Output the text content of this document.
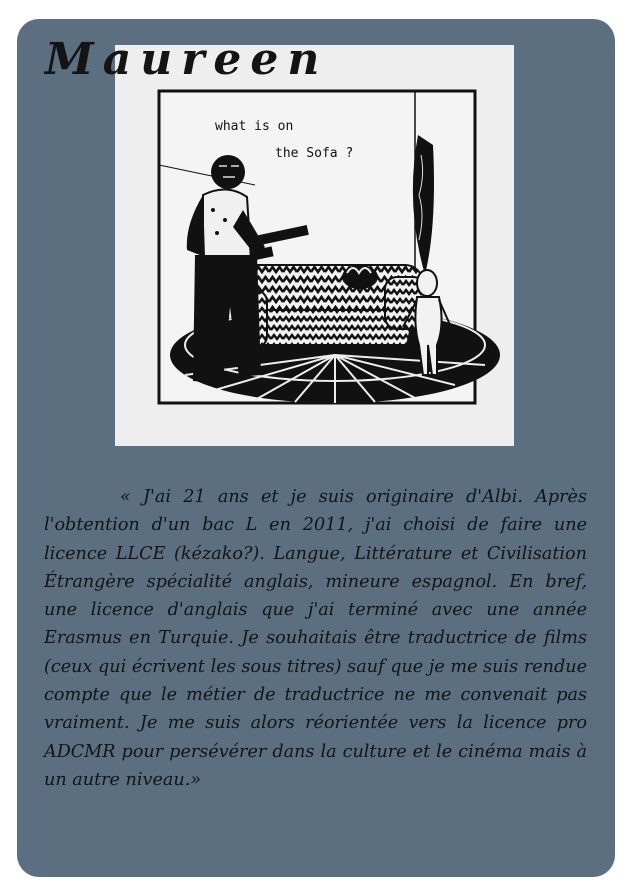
Maureen
what is on
the Sofa ?

« J'ai 21 ans et je suis originaire d'Albi. Après l'obtention d'un bac L en 2011, j'ai choisi de faire une licence LLCE (kézako?). Langue, Littérature et Civilisation Étrangère spécialité anglais, mineure espagnol. En bref, une licence d'anglais que j'ai terminé avec une année Erasmus en Turquie. Je souhaitais être traductrice de films (ceux qui écrivent les sous titres) sauf que je me suis rendue compte que le métier de traductrice ne me convenait pas vraiment. Je me suis alors réorientée vers la licence pro ADCMR pour persévérer dans la culture et le cinéma mais à un autre niveau.»
